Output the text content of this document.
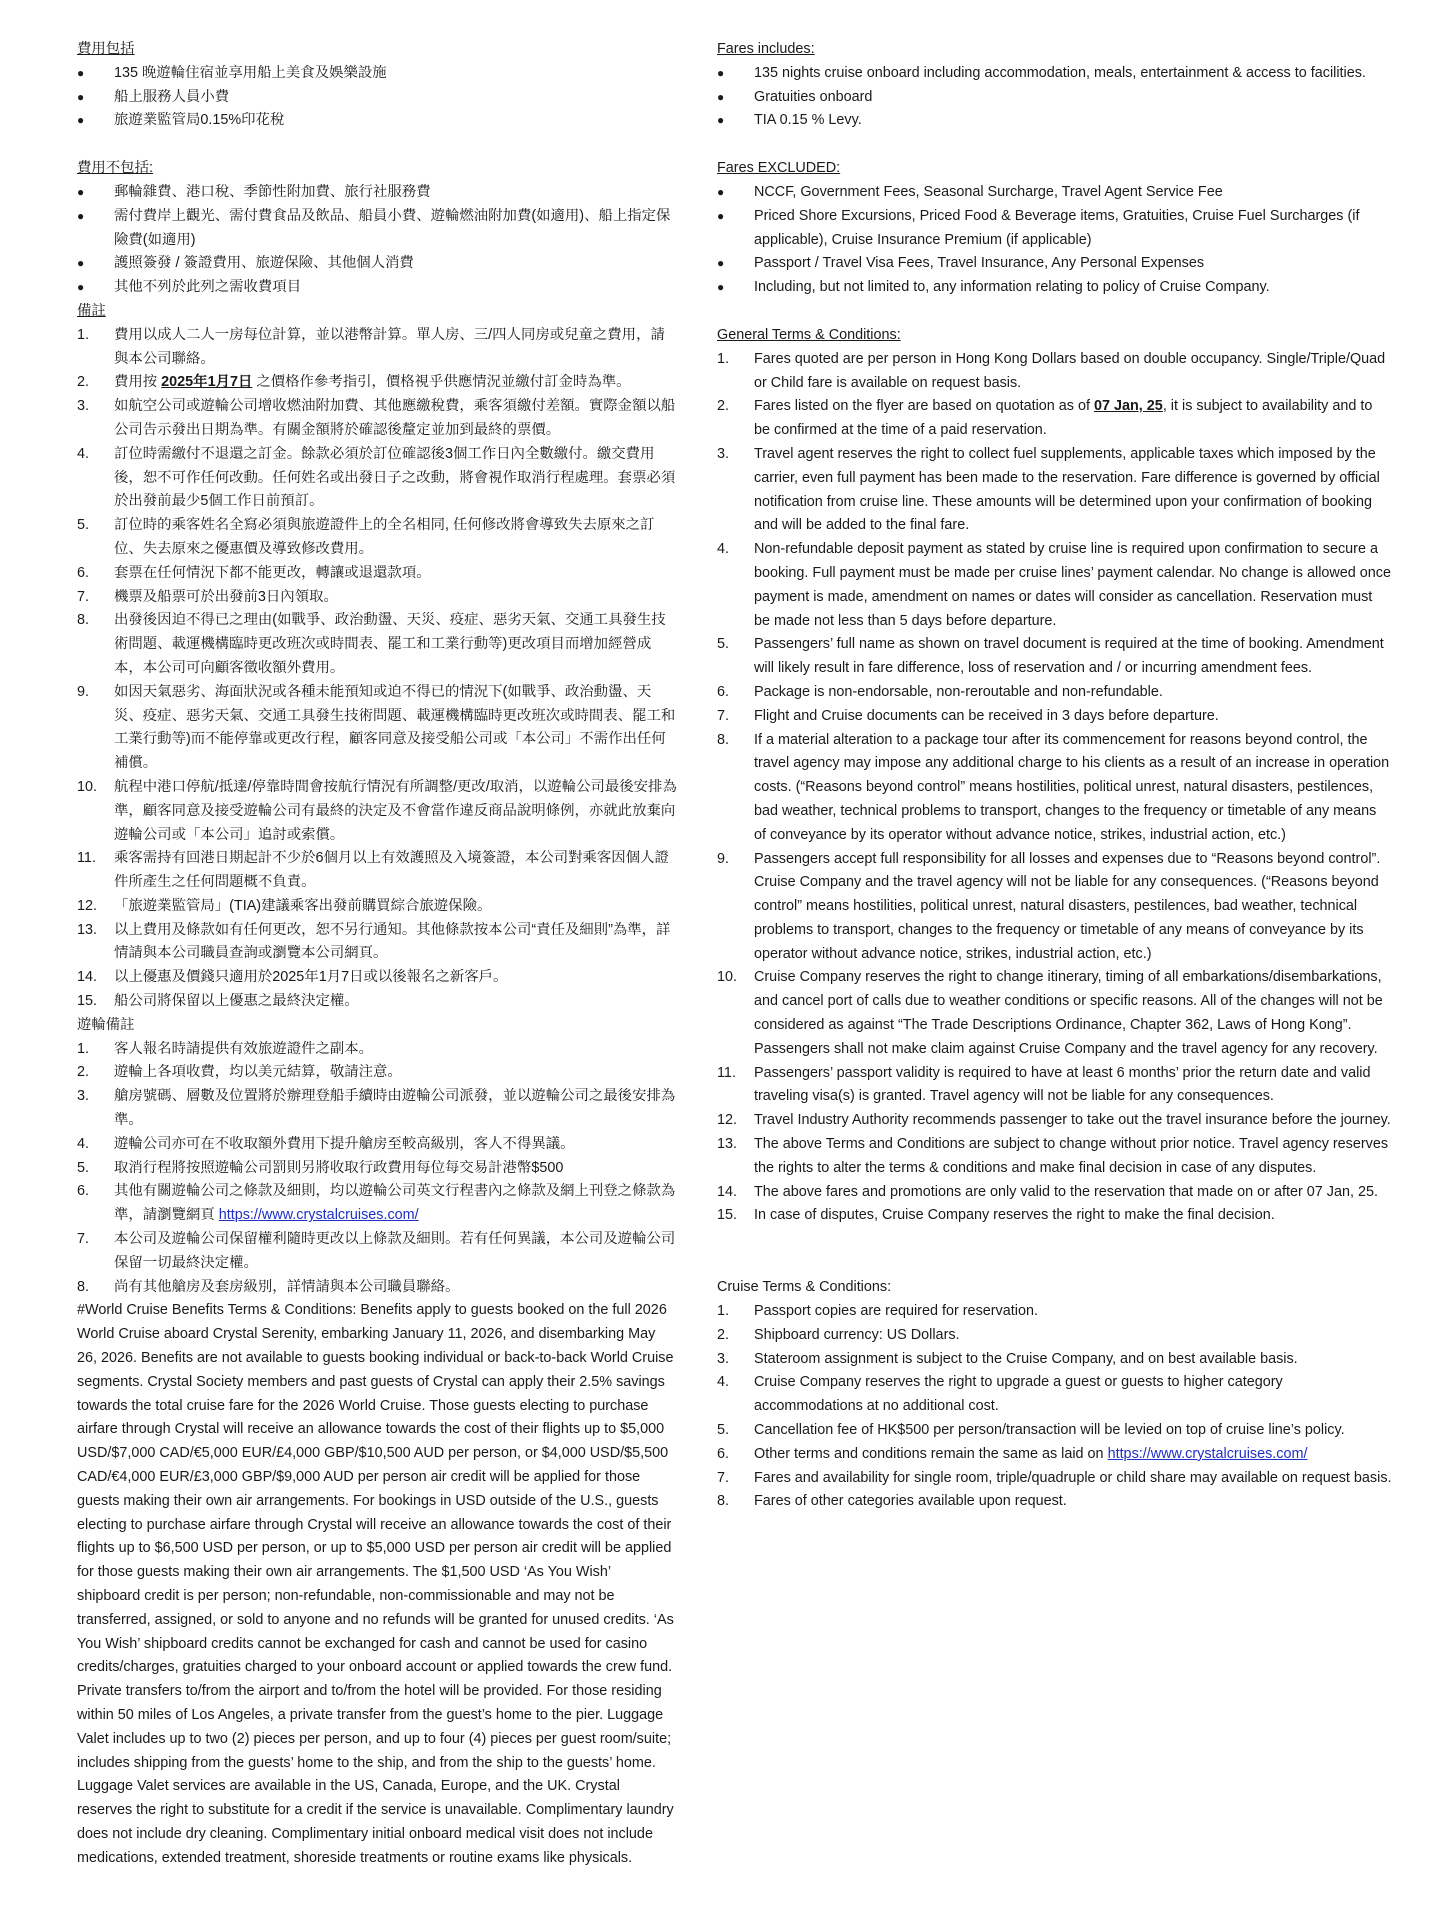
費用包括
●	135 晚遊輪住宿並享用船上美食及娛樂設施
●	船上服務人員小費
●	旅遊業監管局0.15%印花稅
費用不包括:
●	郵輪雜費、港口稅、季節性附加費、旅行社服務費
●	需付費岸上觀光、需付費食品及飲品、船員小費、遊輪燃油附加費(如適用)、船上指定保險費(如適用)
●	護照簽發 / 簽證費用、旅遊保險、其他個人消費
●	其他不列於此列之需收費項目
備註
1.	費用以成人二人一房每位計算，並以港幣計算。單人房、三/四人同房或兒童之費用，請與本公司聯絡。
2.	費用按 2025年1月7日 之價格作參考指引，價格視乎供應情況並繳付訂金時為準。
3.	如航空公司或遊輪公司增收燃油附加費、其他應繳稅費，乘客須繳付差額。實際金額以船公司告示發出日期為準。有關金額將於確認後釐定並加到最終的票價。
4.	訂位時需繳付不退還之訂金。餘款必須於訂位確認後3個工作日內全數繳付。繳交費用後，恕不可作任何改動。任何姓名或出發日子之改動，將會視作取消行程處理。套票必須於出發前最少5個工作日前預訂。
5.	訂位時的乘客姓名全寫必須與旅遊證件上的全名相同, 任何修改將會導致失去原來之訂位、失去原來之優惠價及導致修改費用。
6.	套票在任何情況下都不能更改，轉讓或退還款項。
7.	機票及船票可於出發前3日內領取。
8.	出發後因迫不得已之理由(如戰爭、政治動盪、天災、疫症、惡劣天氣、交通工具發生技術問題、載運機構臨時更改班次或時間表、罷工和工業行動等)更改項目而增加經營成本，本公司可向顧客徵收額外費用。
9.	如因天氣惡劣、海面狀況或各種未能預知或迫不得已的情況下(如戰爭、政治動盪、天災、疫症、惡劣天氣、交通工具發生技術問題、載運機構臨時更改班次或時間表、罷工和工業行動等)而不能停靠或更改行程，顧客同意及接受船公司或「本公司」不需作出任何補償。
10.	航程中港口停航/抵達/停靠時間會按航行情況有所調整/更改/取消，以遊輪公司最後安排為準，顧客同意及接受遊輪公司有最終的決定及不會當作違反商品說明條例，亦就此放棄向遊輪公司或「本公司」追討或索償。
11.	乘客需持有回港日期起計不少於6個月以上有效護照及入境簽證，本公司對乘客因個人證件所產生之任何問題概不負責。
12.	「旅遊業監管局」(TIA)建議乘客出發前購買綜合旅遊保險。
13.	以上費用及條款如有任何更改，恕不另行通知。其他條款按本公司“責任及細則”為準，詳情請與本公司職員查詢或瀏覽本公司網頁。
14.	以上優惠及價錢只適用於2025年1月7日或以後報名之新客戶。
15.	船公司將保留以上優惠之最終決定權。
遊輪備註
1.	客人報名時請提供有效旅遊證件之副本。
2.	遊輪上各項收費，均以美元結算，敬請注意。
3.	艙房號碼、層數及位置將於辦理登船手續時由遊輪公司派發，並以遊輪公司之最後安排為準。
4.	遊輪公司亦可在不收取額外費用下提升艙房至較高級別，客人不得異議。
5.	取消行程將按照遊輪公司罰則另將收取行政費用每位每交易計港幣$500
6.	其他有關遊輪公司之條款及細則，均以遊輪公司英文行程書內之條款及網上刊登之條款為準，請瀏覽網頁 https://www.crystalcruises.com/
7.	本公司及遊輪公司保留權利隨時更改以上條款及細則。若有任何異議，本公司及遊輪公司保留一切最終決定權。
8.	尚有其他艙房及套房級別，詳情請與本公司職員聯絡。
#World Cruise Benefits Terms & Conditions: Benefits apply to guests booked on the full 2026 World Cruise aboard Crystal Serenity, embarking January 11, 2026, and disembarking May 26, 2026. Benefits are not available to guests booking individual or back-to-back World Cruise segments. Crystal Society members and past guests of Crystal can apply their 2.5% savings towards the total cruise fare for the 2026 World Cruise. Those guests electing to purchase airfare through Crystal will receive an allowance towards the cost of their flights up to $5,000 USD/$7,000 CAD/€5,000 EUR/£4,000 GBP/$10,500 AUD per person, or $4,000 USD/$5,500 CAD/€4,000 EUR/£3,000 GBP/$9,000 AUD per person air credit will be applied for those guests making their own air arrangements. For bookings in USD outside of the U.S., guests electing to purchase airfare through Crystal will receive an allowance towards the cost of their flights up to $6,500 USD per person, or up to $5,000 USD per person air credit will be applied for those guests making their own air arrangements. The $1,500 USD ‘As You Wish’ shipboard credit is per person; non-refundable, non-commissionable and may not be transferred, assigned, or sold to anyone and no refunds will be granted for unused credits. ‘As You Wish’ shipboard credits cannot be exchanged for cash and cannot be used for casino credits/charges, gratuities charged to your onboard account or applied towards the crew fund. Private transfers to/from the airport and to/from the hotel will be provided. For those residing within 50 miles of Los Angeles, a private transfer from the guest’s home to the pier. Luggage Valet includes up to two (2) pieces per person, and up to four (4) pieces per guest room/suite; includes shipping from the guests’ home to the ship, and from the ship to the guests’ home. Luggage Valet services are available in the US, Canada, Europe, and the UK. Crystal reserves the right to substitute for a credit if the service is unavailable. Complimentary laundry does not include dry cleaning. Complimentary initial onboard medical visit does not include medications, extended treatment, shoreside treatments or routine exams like physicals.
Fares includes:
●	135 nights cruise onboard including accommodation, meals, entertainment & access to facilities.
●	Gratuities onboard
●	TIA 0.15 % Levy.
Fares EXCLUDED:
●	NCCF, Government Fees, Seasonal Surcharge, Travel Agent Service Fee
●	Priced Shore Excursions, Priced Food & Beverage items, Gratuities, Cruise Fuel Surcharges (if applicable), Cruise Insurance Premium (if applicable)
●	Passport / Travel Visa Fees, Travel Insurance, Any Personal Expenses
●	Including, but not limited to, any information relating to policy of Cruise Company.
General Terms & Conditions:
1.	Fares quoted are per person in Hong Kong Dollars based on double occupancy. Single/Triple/Quad or Child fare is available on request basis.
2.	Fares listed on the flyer are based on quotation as of 07 Jan, 25, it is subject to availability and to be confirmed at the time of a paid reservation.
3.	Travel agent reserves the right to collect fuel supplements, applicable taxes which imposed by the carrier, even full payment has been made to the reservation. Fare difference is governed by official notification from cruise line. These amounts will be determined upon your confirmation of booking and will be added to the final fare.
4.	Non-refundable deposit payment as stated by cruise line is required upon confirmation to secure a booking. Full payment must be made per cruise lines’ payment calendar. No change is allowed once payment is made, amendment on names or dates will consider as cancellation. Reservation must be made not less than 5 days before departure.
5.	Passengers’ full name as shown on travel document is required at the time of booking. Amendment will likely result in fare difference, loss of reservation and / or incurring amendment fees.
6.	Package is non-endorsable, non-reroutable and non-refundable.
7.	Flight and Cruise documents can be received in 3 days before departure.
8.	If a material alteration to a package tour after its commencement for reasons beyond control, the travel agency may impose any additional charge to his clients as a result of an increase in operation costs. (“Reasons beyond control” means hostilities, political unrest, natural disasters, pestilences, bad weather, technical problems to transport, changes to the frequency or timetable of any means of conveyance by its operator without advance notice, strikes, industrial action, etc.)
9.	Passengers accept full responsibility for all losses and expenses due to “Reasons beyond control”. Cruise Company and the travel agency will not be liable for any consequences. (“Reasons beyond control” means hostilities, political unrest, natural disasters, pestilences, bad weather, technical problems to transport, changes to the frequency or timetable of any means of conveyance by its operator without advance notice, strikes, industrial action, etc.)
10.	Cruise Company reserves the right to change itinerary, timing of all embarkations/disembarkations, and cancel port of calls due to weather conditions or specific reasons. All of the changes will not be considered as against “The Trade Descriptions Ordinance, Chapter 362, Laws of Hong Kong”. Passengers shall not make claim against Cruise Company and the travel agency for any recovery.
11.	Passengers’ passport validity is required to have at least 6 months’ prior the return date and valid traveling visa(s) is granted. Travel agency will not be liable for any consequences.
12.	Travel Industry Authority recommends passenger to take out the travel insurance before the journey.
13.	The above Terms and Conditions are subject to change without prior notice. Travel agency reserves the rights to alter the terms & conditions and make final decision in case of any disputes.
14.	The above fares and promotions are only valid to the reservation that made on or after 07 Jan, 25.
15.	In case of disputes, Cruise Company reserves the right to make the final decision.
Cruise Terms & Conditions:
1.	Passport copies are required for reservation.
2.	Shipboard currency: US Dollars.
3.	Stateroom assignment is subject to the Cruise Company, and on best available basis.
4.	Cruise Company reserves the right to upgrade a guest or guests to higher category accommodations at no additional cost.
5.	Cancellation fee of HK$500 per person/transaction will be levied on top of cruise line’s policy.
6.	Other terms and conditions remain the same as laid on https://www.crystalcruises.com/
7.	Fares and availability for single room, triple/quadruple or child share may available on request basis.
8.	Fares of other categories available upon request.
